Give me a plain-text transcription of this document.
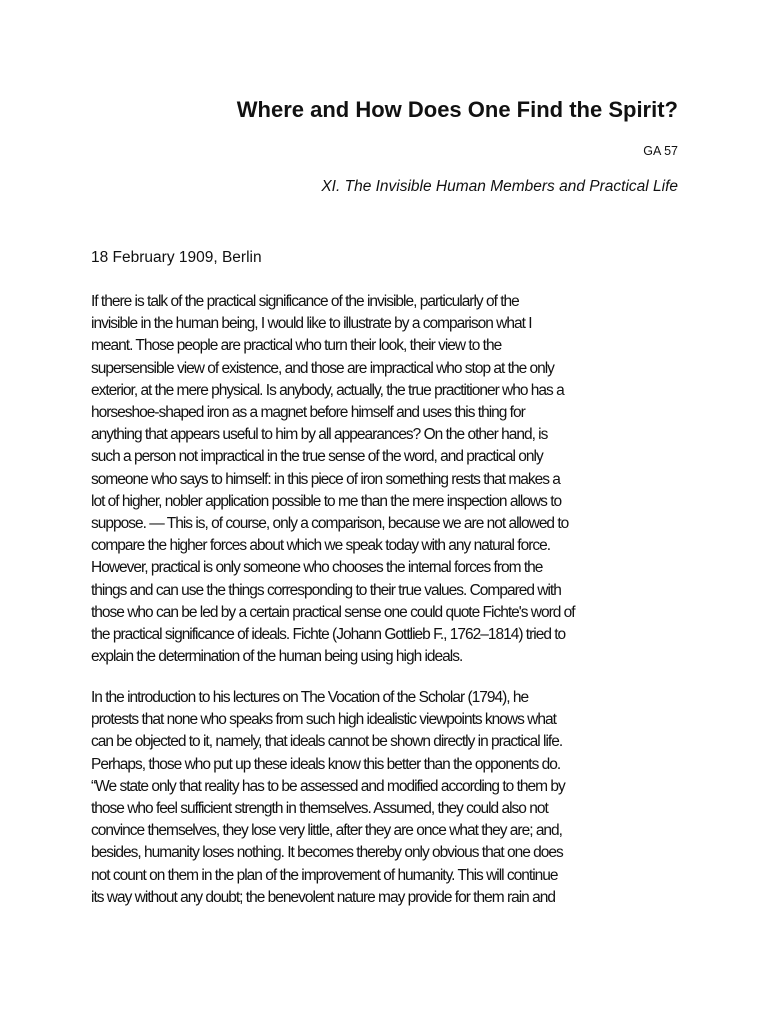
Where and How Does One Find the Spirit?
GA 57
XI. The Invisible Human Members and Practical Life
18 February 1909, Berlin

If there is talk of the practical significance of the invisible, particularly of the
invisible in the human being, I would like to illustrate by a comparison what I
meant. Those people are practical who turn their look, their view to the
supersensible view of existence, and those are impractical who stop at the only
exterior, at the mere physical. Is anybody, actually, the true practitioner who has a
horseshoe-shaped iron as a magnet before himself and uses this thing for
anything that appears useful to him by all appearances? On the other hand, is
such a person not impractical in the true sense of the word, and practical only
someone who says to himself: in this piece of iron something rests that makes a
lot of higher, nobler application possible to me than the mere inspection allows to
suppose. — This is, of course, only a comparison, because we are not allowed to
compare the higher forces about which we speak today with any natural force.
However, practical is only someone who chooses the internal forces from the
things and can use the things corresponding to their true values. Compared with
those who can be led by a certain practical sense one could quote Fichte's word of
the practical significance of ideals. Fichte (Johann Gottlieb F., 1762–1814) tried to
explain the determination of the human being using high ideals.

In the introduction to his lectures on The Vocation of the Scholar (1794), he
protests that none who speaks from such high idealistic viewpoints knows what
can be objected to it, namely, that ideals cannot be shown directly in practical life.
Perhaps, those who put up these ideals know this better than the opponents do.
“We state only that reality has to be assessed and modified according to them by
those who feel sufficient strength in themselves. Assumed, they could also not
convince themselves, they lose very little, after they are once what they are; and,
besides, humanity loses nothing. It becomes thereby only obvious that one does
not count on them in the plan of the improvement of humanity. This will continue
its way without any doubt; the benevolent nature may provide for them rain and
